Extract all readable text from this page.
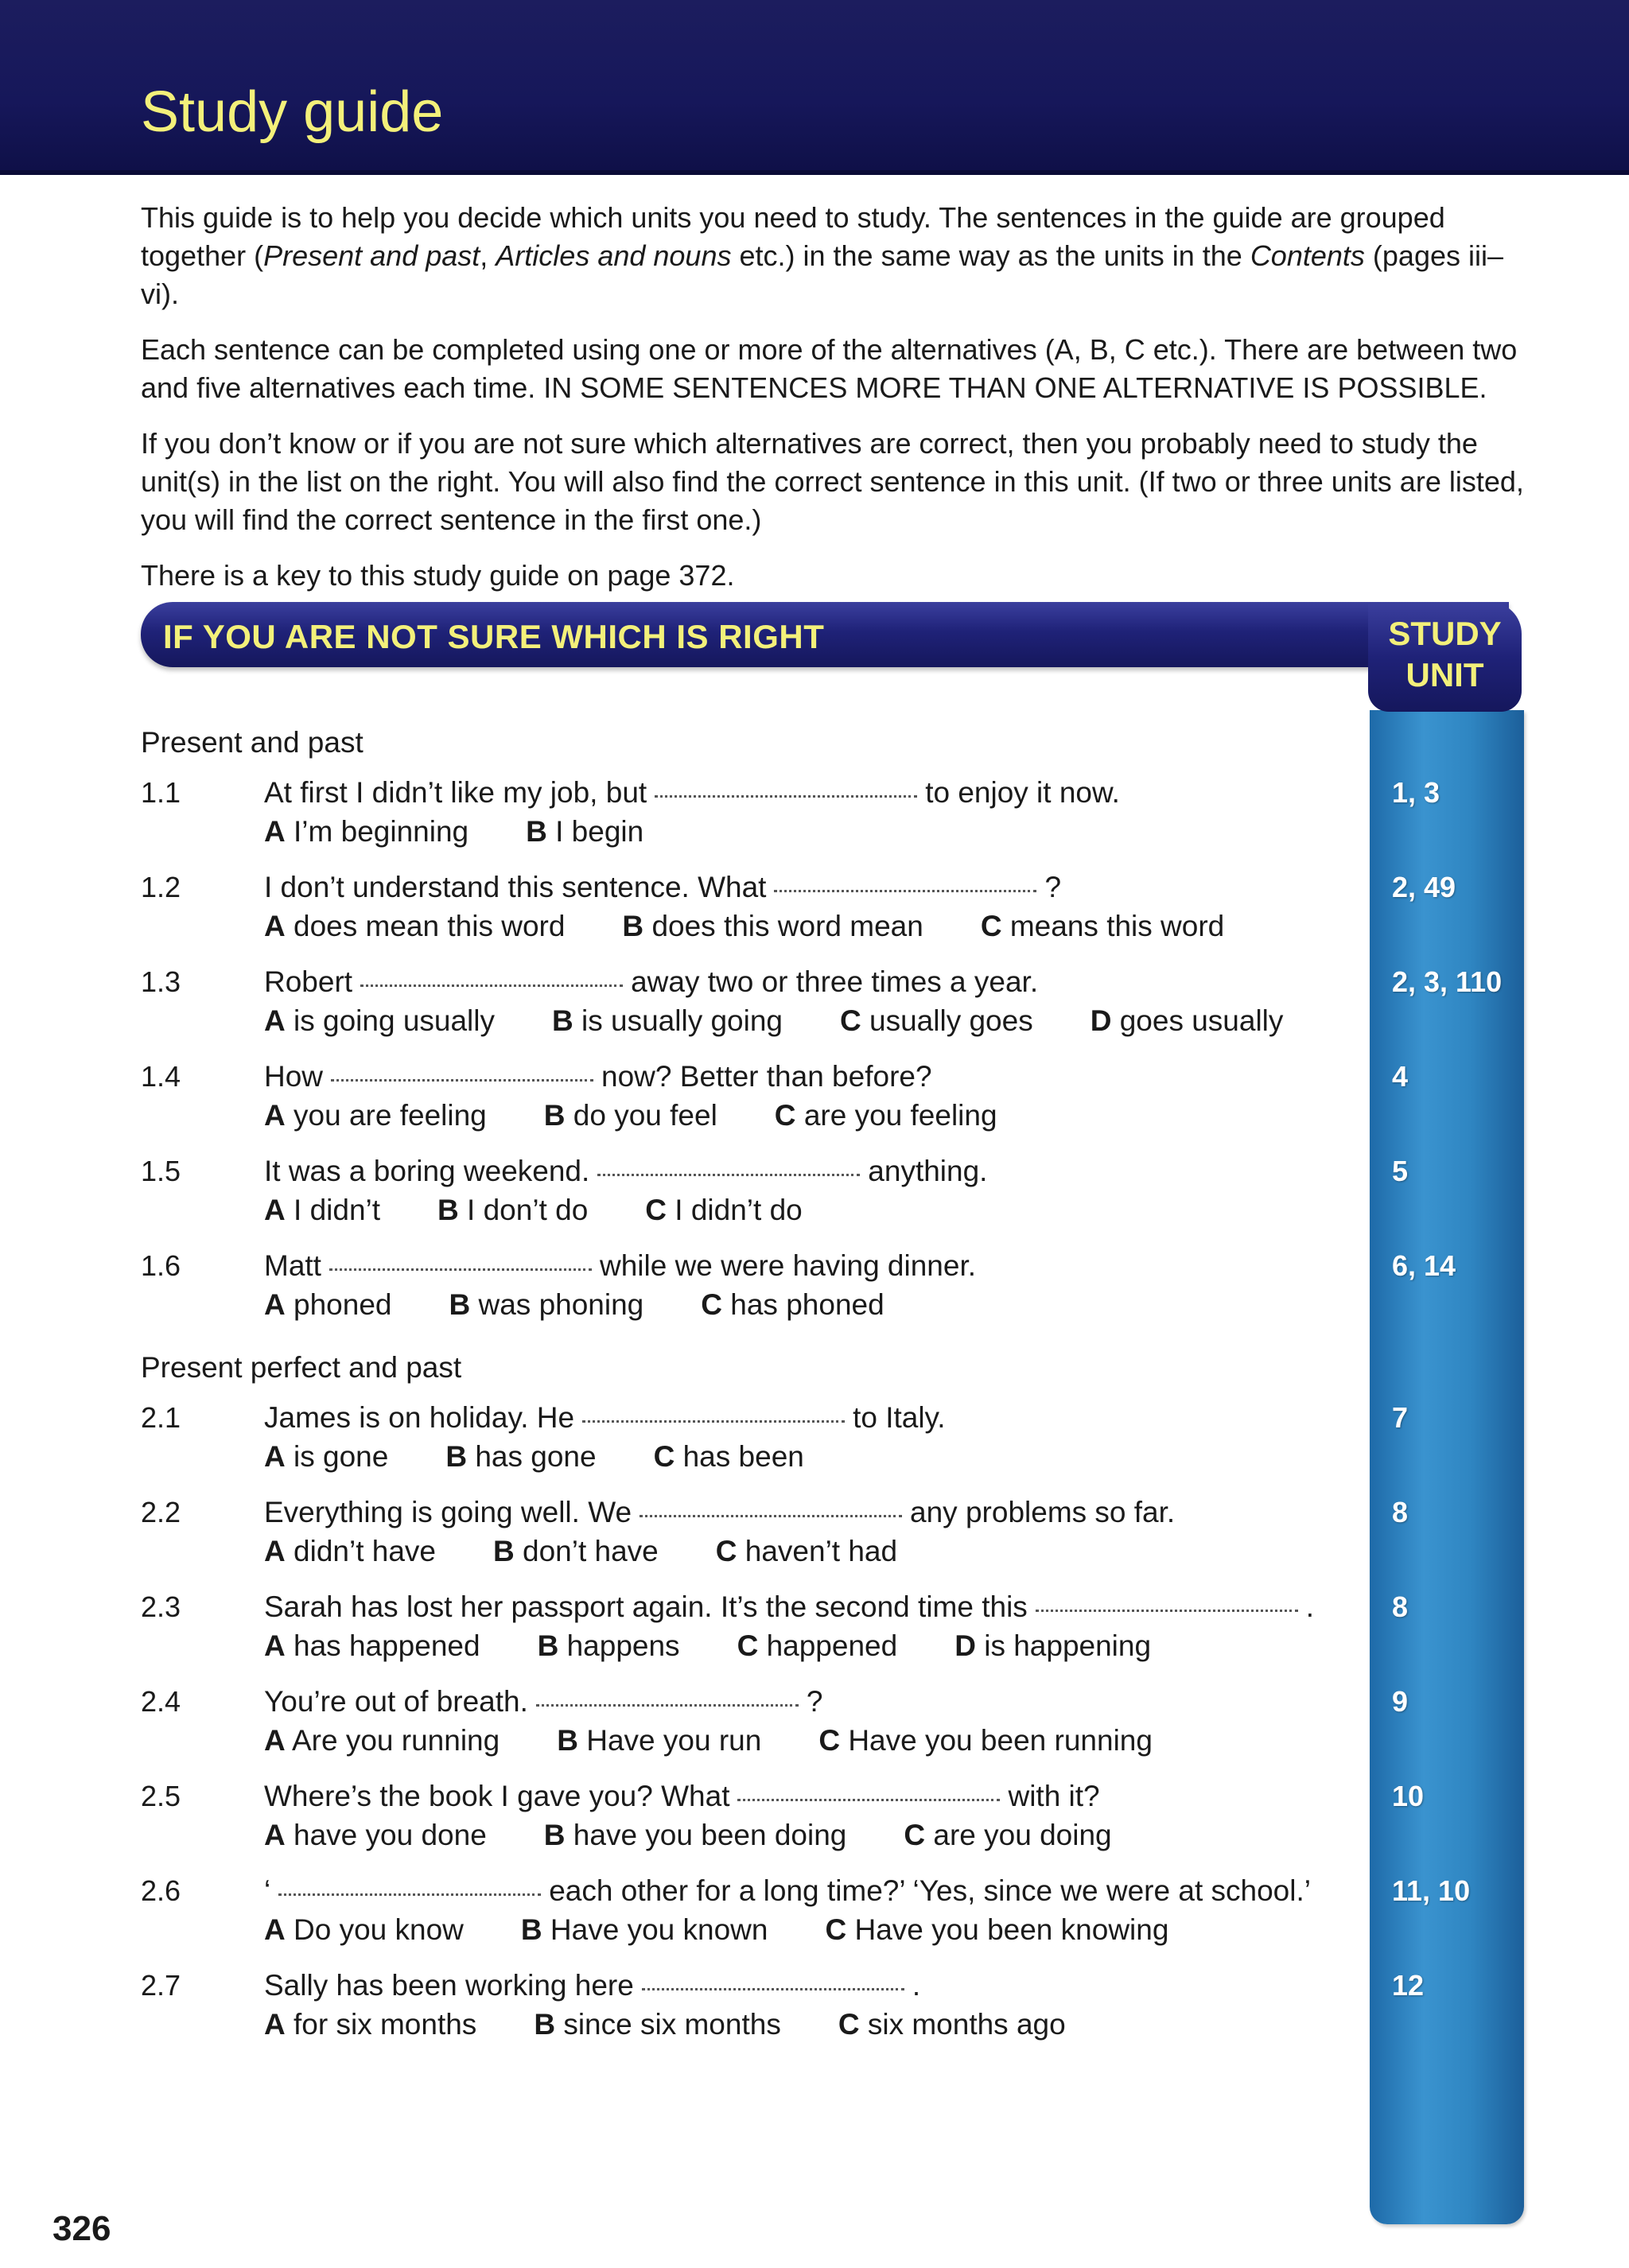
Study guide

This guide is to help you decide which units you need to study. The sentences in the guide are grouped together (Present and past, Articles and nouns etc.) in the same way as the units in the Contents (pages iii–vi).

Each sentence can be completed using one or more of the alternatives (A, B, C etc.). There are between two and five alternatives each time. IN SOME SENTENCES MORE THAN ONE ALTERNATIVE IS POSSIBLE.

If you don’t know or if you are not sure which alternatives are correct, then you probably need to study the unit(s) in the list on the right. You will also find the correct sentence in this unit. (If two or three units are listed, you will find the correct sentence in the first one.)

There is a key to this study guide on page 372.

IF YOU ARE NOT SURE WHICH IS RIGHT	STUDY
UNIT
Present and past
1.1	At first I didn’t like my job, but	to enjoy it now.
A I’m beginning B I begin
1, 3
1.2	I don’t understand this sentence. What	?
A does mean this word B does this word mean C means this word
2, 49
1.3	Robert	away two or three times a year.
A is going usually B is usually going C usually goes D goes usually
2, 3, 110
1.4	How	now? Better than before?
A you are feeling B do you feel C are you feeling
4
1.5	It was a boring weekend.	anything.
A I didn’t B I don’t do C I didn’t do
5
1.6	Matt	while we were having dinner.
A phoned B was phoning C has phoned
6, 14
Present perfect and past
2.1	James is on holiday. He	to Italy.
A is gone B has gone C has been
7
2.2	Everything is going well. We	any problems so far.
A didn’t have B don’t have C haven’t had
8
2.3	Sarah has lost her passport again. It’s the second time this	.
A has happened B happens C happened D is happening
8
2.4	You’re out of breath.	?
A Are you running B Have you run C Have you been running
9
2.5	Where’s the book I gave you? What	with it?
A have you done B have you been doing C are you doing
10
2.6	‘	each other for a long time?’ ‘Yes, since we were at school.’
A Do you know B Have you known C Have you been knowing
11, 10
2.7	Sally has been working here	.
A for six months B since six months C six months ago
12
326
